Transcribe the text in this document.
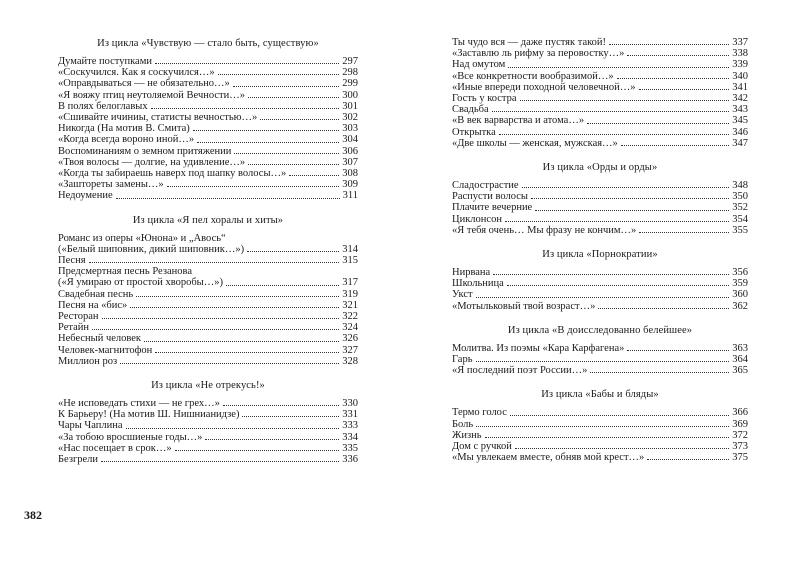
Из цикла «Чувствую — стало быть, существую»
Думайте поступками	297
«Соскучился. Как я соскучился…»	298
«Оправдываться — не обязательно…»	299
«Я вояжу птиц неутоляемой Вечности…»	300
В полях белоглавых	301
«Сшивайте ичиниы, статисты вечностью…»	302
Никогда (На мотив В. Смита)	303
«Когда всегда вороно иной…»	304
Воспоминаниям о земном притяжении	306
«Твоя волосы — долгие, на удивление…»	307
«Когда ты забираешь наверх под шапку волосы…»	308
«Заштореты замены…»	309
Недоумение	311
Из цикла «Я пел хоралы и хиты»
Романс из оперы «Юнона» и „Авось“
(«Белый шиповник, дикий шиповник…»)	314
Песня	315
Предсмертная песнь Резанова
(«Я умираю от простой хворобы…»)	317
Свадебная песнь	319
Песня на «бис»	321
Ресторан	322
Ретайн	324
Небесный человек	326
Человек-магнитофон	327
Миллион роз	328
Из цикла «Не отрекусь!»
«Не исповедать стихи — не грех…»	330
К Барьеру! (На мотив Ш. Нишнианидзе)	331
Чары Чаплина	333
«За тобою вросшиеные годы…»	334
«Нас посещает в срок…»	335
Безгрели	336
382
Ты чудо вся — даже пустяк такой!	337
«Заставлю ль рифму за перовостку…»	338
Над омутом	339
«Все конкретности вообразимой…»	340
«Иные впереди походной человечной…»	341
Гость у костра	342
Свадьба	343
«В век варварства и атома…»	345
Открытка	346
«Две школы — женская, мужская…»	347
Из цикла «Орды и орды»
Сладострастие	348
Распусти волосы	350
Плачите вечерние	352
Циклонсон	354
«Я тебя очень… Мы фразу не кончим…»	355
Из цикла «Порнократии»
Нирвана	356
Школьница	359
Укст	360
«Мотыльковый твой возраст…»	362
Из цикла «В доисследованно белейшее»
Молитва. Из поэмы «Кара Карфагена»	363
Гарь	364
«Я последний поэт России…»	365
Из цикла «Бабы и бляды»
Термо голос	366
Боль	369
Жизнь	372
Дом с ручкой	373
«Мы увлекаем вместе, обняв мой крест…»	375
